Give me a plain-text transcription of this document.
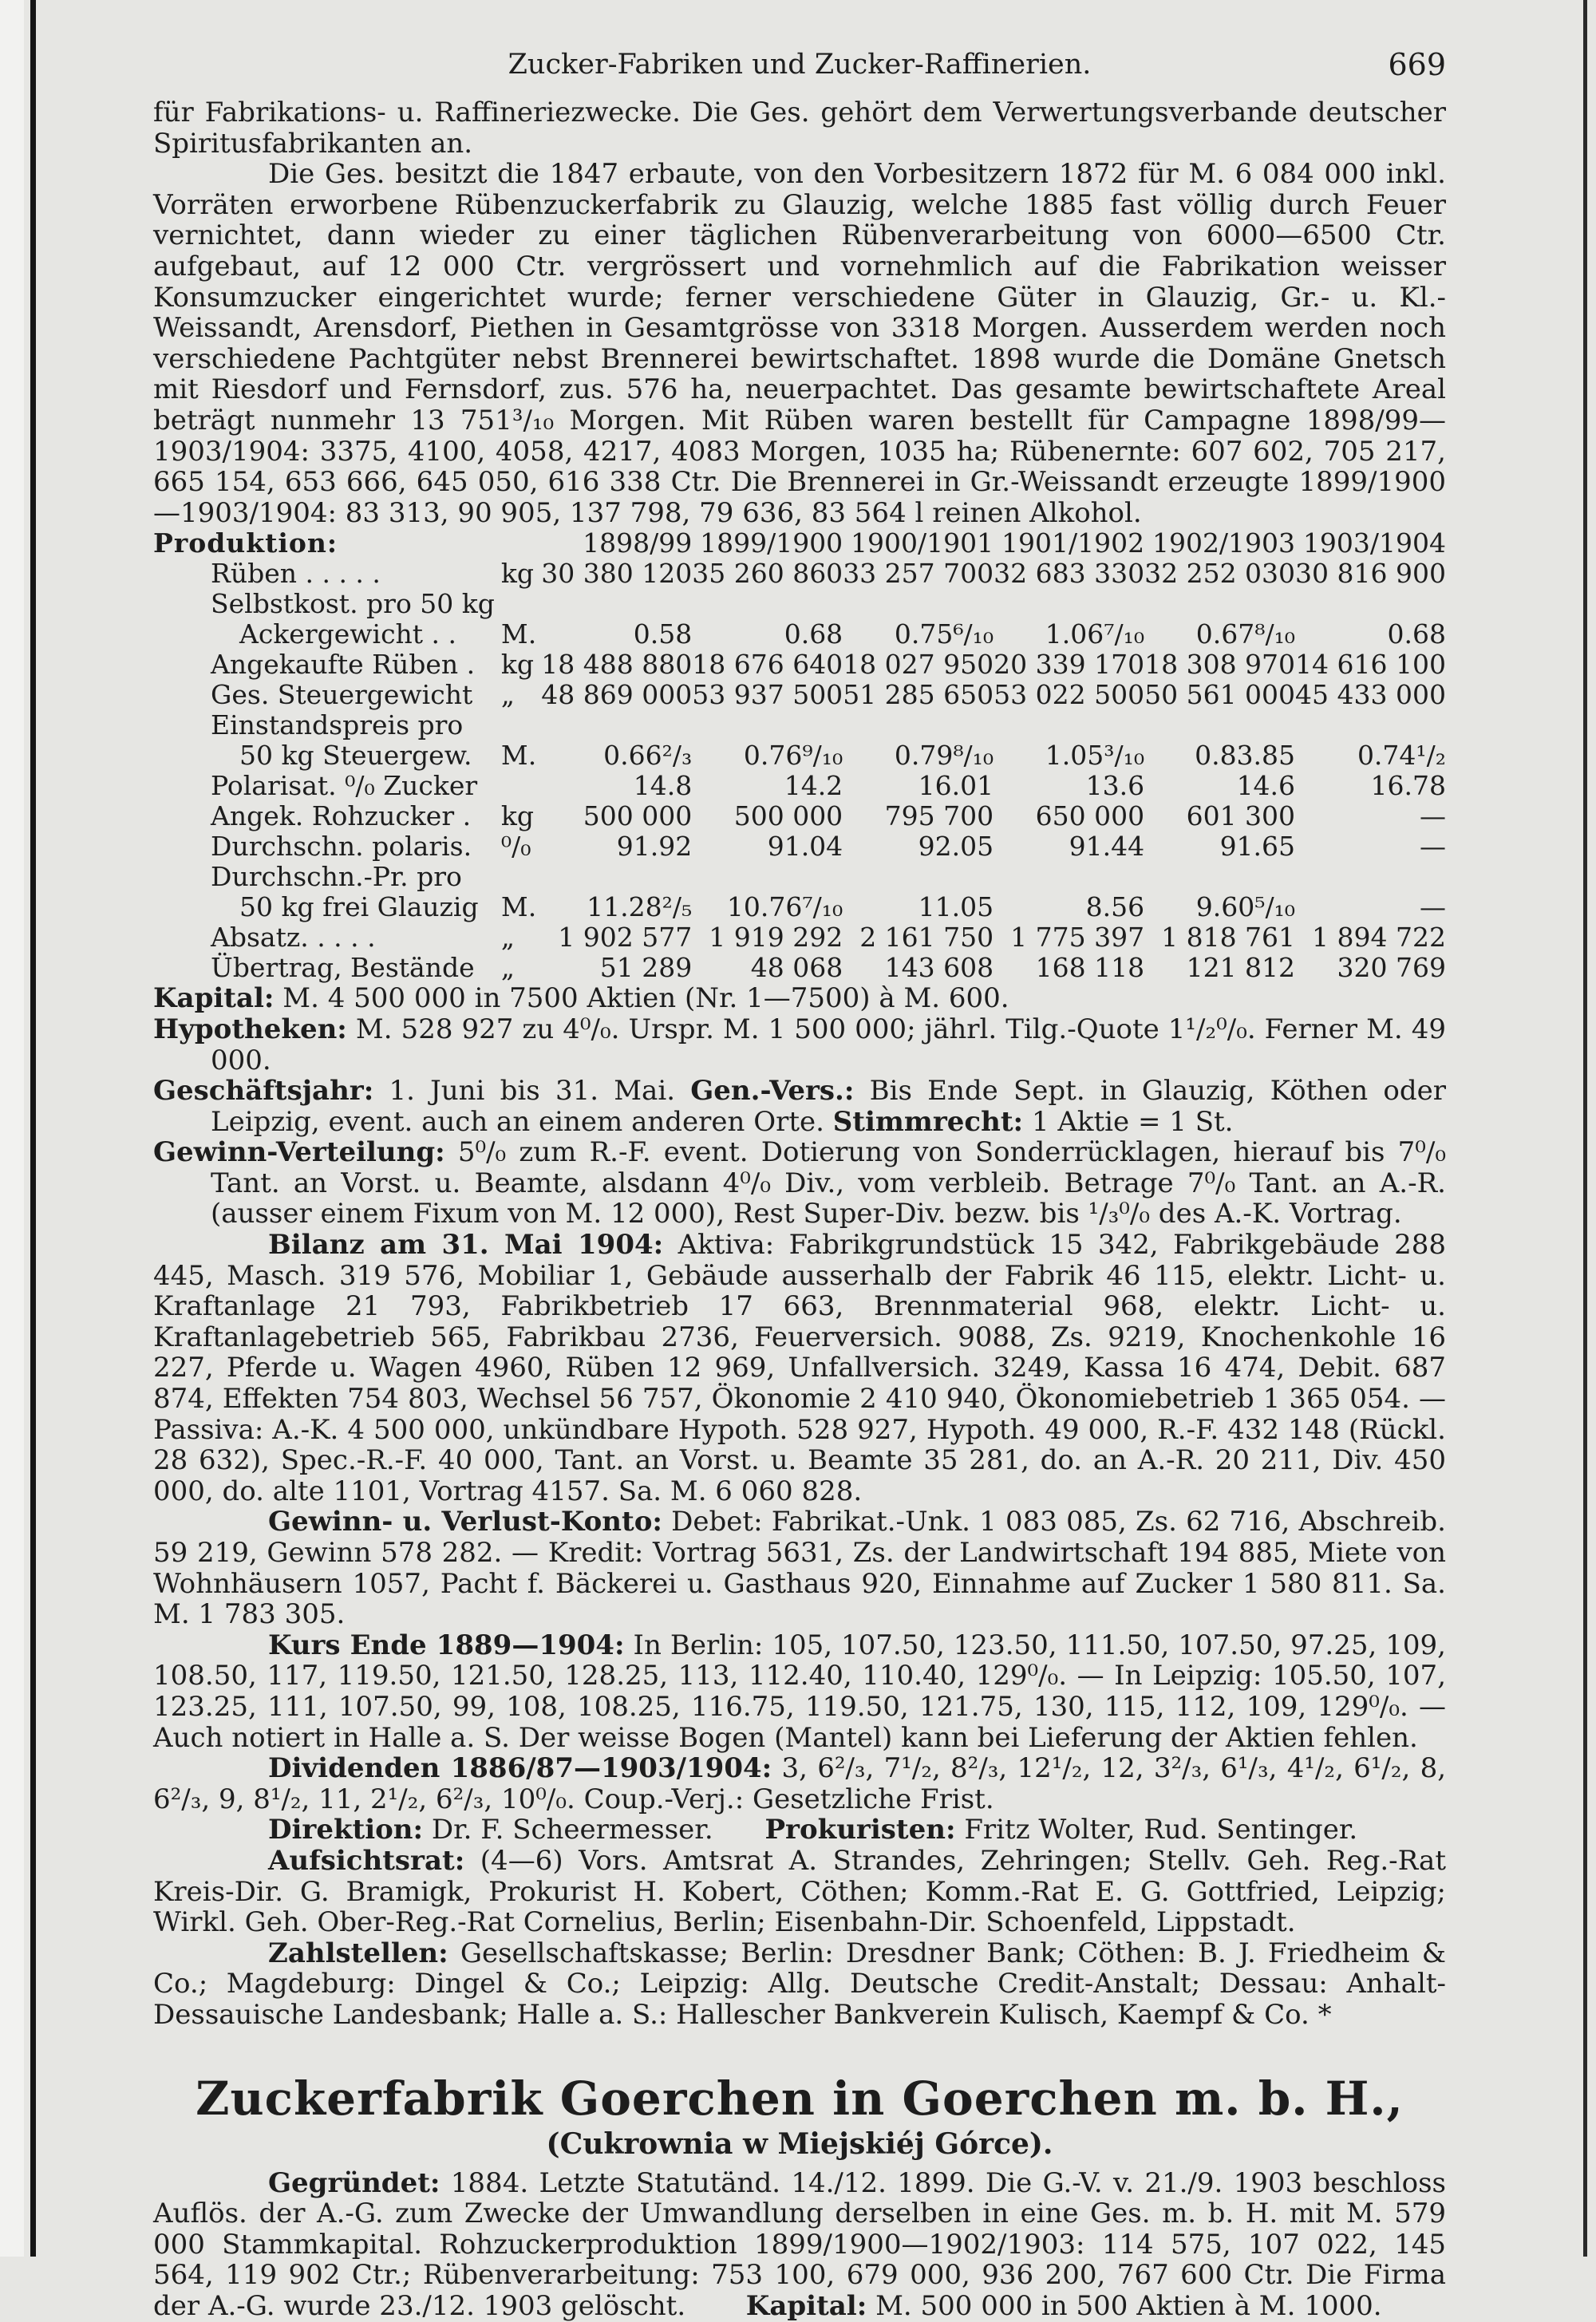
Zucker-Fabriken und Zucker-Raffinerien.	669
für Fabrikations- u. Raffineriezwecke. Die Ges. gehört dem Verwertungsverbande deutscher Spiritusfabrikanten an.
Die Ges. besitzt die 1847 erbaute, von den Vorbesitzern 1872 für M. 6 084 000 inkl. Vorräten erworbene Rübenzuckerfabrik zu Glauzig, welche 1885 fast völlig durch Feuer vernichtet, dann wieder zu einer täglichen Rübenverarbeitung von 6000—6500 Ctr. aufgebaut, auf 12 000 Ctr. vergrössert und vornehmlich auf die Fabrikation weisser Konsumzucker eingerichtet wurde; ferner verschiedene Güter in Glauzig, Gr.- u. Kl.-Weissandt, Arensdorf, Piethen in Gesamtgrösse von 3318 Morgen. Ausserdem werden noch verschiedene Pachtgüter nebst Brennerei bewirtschaftet. 1898 wurde die Domäne Gnetsch mit Riesdorf und Fernsdorf, zus. 576 ha, neuerpachtet. Das gesamte bewirtschaftete Areal beträgt nunmehr 13 751³/₁₀ Morgen. Mit Rüben waren bestellt für Campagne 1898/99—1903/1904: 3375, 4100, 4058, 4217, 4083 Morgen, 1035 ha; Rübenernte: 607 602, 705 217, 665 154, 653 666, 645 050, 616 338 Ctr. Die Brennerei in Gr.-Weissandt erzeugte 1899/1900—1903/1904: 83 313, 90 905, 137 798, 79 636, 83 564 l reinen Alkohol.
Produktion:		1898/99	1899/1900	1900/1901	1901/1902	1902/1903	1903/1904
Rüben . . . . .	kg	30 380 120	35 260 860	33 257 700	32 683 330	32 252 030	30 816 900
Selbstkost. pro 50 kg							
Ackergewicht . .	M.	0.58	0.68	0.75⁶/₁₀	1.06⁷/₁₀	0.67⁸/₁₀	0.68
Angekaufte Rüben .	kg	18 488 880	18 676 640	18 027 950	20 339 170	18 308 970	14 616 100
Ges. Steuergewicht	„	48 869 000	53 937 500	51 285 650	53 022 500	50 561 000	45 433 000
Einstandspreis pro							
50 kg Steuergew.	M.	0.66²/₃	0.76⁹/₁₀	0.79⁸/₁₀	1.05³/₁₀	0.83.85	0.74¹/₂
Polarisat. ⁰/₀ Zucker		14.8	14.2	16.01	13.6	14.6	16.78
Angek. Rohzucker .	kg	500 000	500 000	795 700	650 000	601 300	—
Durchschn. polaris.	⁰/₀	91.92	91.04	92.05	91.44	91.65	—
Durchschn.-Pr. pro							
50 kg frei Glauzig	M.	11.28²/₅	10.76⁷/₁₀	11.05	8.56	9.60⁵/₁₀	—
Absatz. . . . .	„	1 902 577	1 919 292	2 161 750	1 775 397	1 818 761	1 894 722
Übertrag, Bestände	„	51 289	48 068	143 608	168 118	121 812	320 769
Kapital: M. 4 500 000 in 7500 Aktien (Nr. 1—7500) à M. 600.
Hypotheken: M. 528 927 zu 4⁰/₀. Urspr. M. 1 500 000; jährl. Tilg.-Quote 1¹/₂⁰/₀. Ferner M. 49 000.
Geschäftsjahr: 1. Juni bis 31. Mai. Gen.-Vers.: Bis Ende Sept. in Glauzig, Köthen oder Leipzig, event. auch an einem anderen Orte. Stimmrecht: 1 Aktie = 1 St.
Gewinn-Verteilung: 5⁰/₀ zum R.-F. event. Dotierung von Sonderrücklagen, hierauf bis 7⁰/₀ Tant. an Vorst. u. Beamte, alsdann 4⁰/₀ Div., vom verbleib. Betrage 7⁰/₀ Tant. an A.-R. (ausser einem Fixum von M. 12 000), Rest Super-Div. bezw. bis ¹/₃⁰/₀ des A.-K. Vortrag.
Bilanz am 31. Mai 1904: Aktiva: Fabrikgrundstück 15 342, Fabrikgebäude 288 445, Masch. 319 576, Mobiliar 1, Gebäude ausserhalb der Fabrik 46 115, elektr. Licht- u. Kraftanlage 21 793, Fabrikbetrieb 17 663, Brennmaterial 968, elektr. Licht- u. Kraftanlagebetrieb 565, Fabrikbau 2736, Feuerversich. 9088, Zs. 9219, Knochenkohle 16 227, Pferde u. Wagen 4960, Rüben 12 969, Unfallversich. 3249, Kassa 16 474, Debit. 687 874, Effekten 754 803, Wechsel 56 757, Ökonomie 2 410 940, Ökonomiebetrieb 1 365 054. — Passiva: A.-K. 4 500 000, unkündbare Hypoth. 528 927, Hypoth. 49 000, R.-F. 432 148 (Rückl. 28 632), Spec.-R.-F. 40 000, Tant. an Vorst. u. Beamte 35 281, do. an A.-R. 20 211, Div. 450 000, do. alte 1101, Vortrag 4157. Sa. M. 6 060 828.
Gewinn- u. Verlust-Konto: Debet: Fabrikat.-Unk. 1 083 085, Zs. 62 716, Abschreib. 59 219, Gewinn 578 282. — Kredit: Vortrag 5631, Zs. der Landwirtschaft 194 885, Miete von Wohnhäusern 1057, Pacht f. Bäckerei u. Gasthaus 920, Einnahme auf Zucker 1 580 811. Sa. M. 1 783 305.
Kurs Ende 1889—1904: In Berlin: 105, 107.50, 123.50, 111.50, 107.50, 97.25, 109, 108.50, 117, 119.50, 121.50, 128.25, 113, 112.40, 110.40, 129⁰/₀. — In Leipzig: 105.50, 107, 123.25, 111, 107.50, 99, 108, 108.25, 116.75, 119.50, 121.75, 130, 115, 112, 109, 129⁰/₀. — Auch notiert in Halle a. S. Der weisse Bogen (Mantel) kann bei Lieferung der Aktien fehlen.
Dividenden 1886/87—1903/1904: 3, 6²/₃, 7¹/₂, 8²/₃, 12¹/₂, 12, 3²/₃, 6¹/₃, 4¹/₂, 6¹/₂, 8, 6²/₃, 9, 8¹/₂, 11, 2¹/₂, 6²/₃, 10⁰/₀. Coup.-Verj.: Gesetzliche Frist.
Direktion: Dr. F. Scheermesser. Prokuristen: Fritz Wolter, Rud. Sentinger.
Aufsichtsrat: (4—6) Vors. Amtsrat A. Strandes, Zehringen; Stellv. Geh. Reg.-Rat Kreis-Dir. G. Bramigk, Prokurist H. Kobert, Cöthen; Komm.-Rat E. G. Gottfried, Leipzig; Wirkl. Geh. Ober-Reg.-Rat Cornelius, Berlin; Eisenbahn-Dir. Schoenfeld, Lippstadt.
Zahlstellen: Gesellschaftskasse; Berlin: Dresdner Bank; Cöthen: B. J. Friedheim & Co.; Magdeburg: Dingel & Co.; Leipzig: Allg. Deutsche Credit-Anstalt; Dessau: Anhalt-Dessauische Landesbank; Halle a. S.: Hallescher Bankverein Kulisch, Kaempf & Co. *
Zuckerfabrik Goerchen in Goerchen m. b. H.,
(Cukrownia w Miejskiéj Górce).
Gegründet: 1884. Letzte Statutänd. 14./12. 1899. Die G.-V. v. 21./9. 1903 beschloss Auflös. der A.-G. zum Zwecke der Umwandlung derselben in eine Ges. m. b. H. mit M. 579 000 Stammkapital. Rohzuckerproduktion 1899/1900—1902/1903: 114 575, 107 022, 145 564, 119 902 Ctr.; Rübenverarbeitung: 753 100, 679 000, 936 200, 767 600 Ctr. Die Firma der A.-G. wurde 23./12. 1903 gelöscht. Kapital: M. 500 000 in 500 Aktien à M. 1000.
